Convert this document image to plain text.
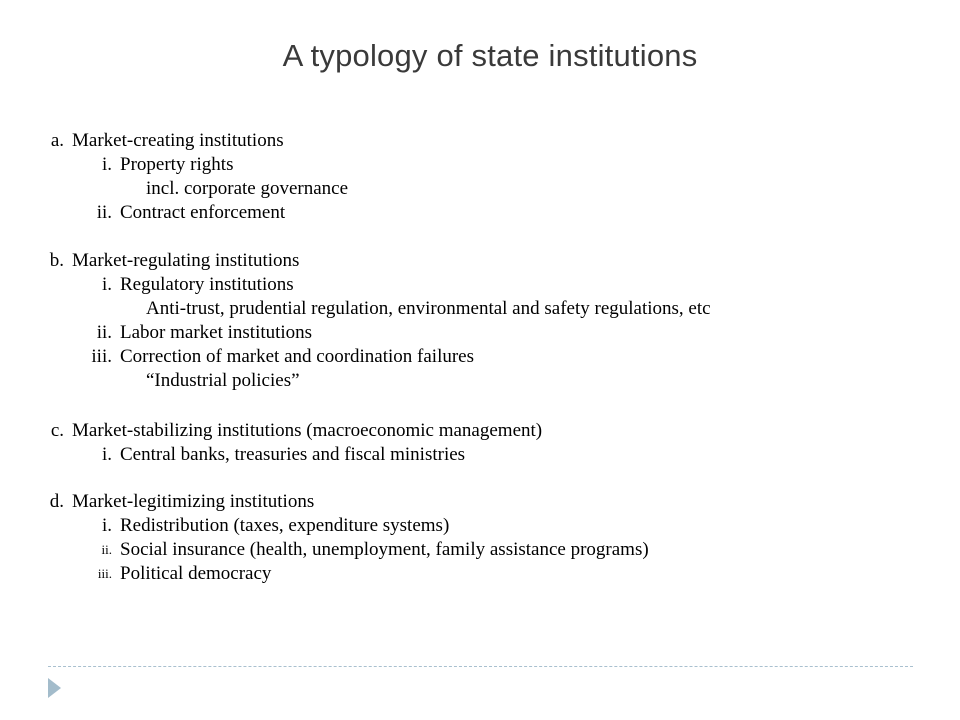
A typology of state institutions
a. Market-creating institutions
i. Property rights
incl. corporate governance
ii. Contract enforcement
b. Market-regulating institutions
i. Regulatory institutions
Anti-trust, prudential regulation, environmental and safety regulations, etc
ii. Labor market institutions
iii. Correction of market and coordination failures
“Industrial policies”
c. Market-stabilizing institutions (macroeconomic management)
i. Central banks, treasuries and fiscal ministries
d. Market-legitimizing institutions
i. Redistribution (taxes, expenditure systems)
ii. Social insurance (health, unemployment, family assistance programs)
iii. Political democracy
